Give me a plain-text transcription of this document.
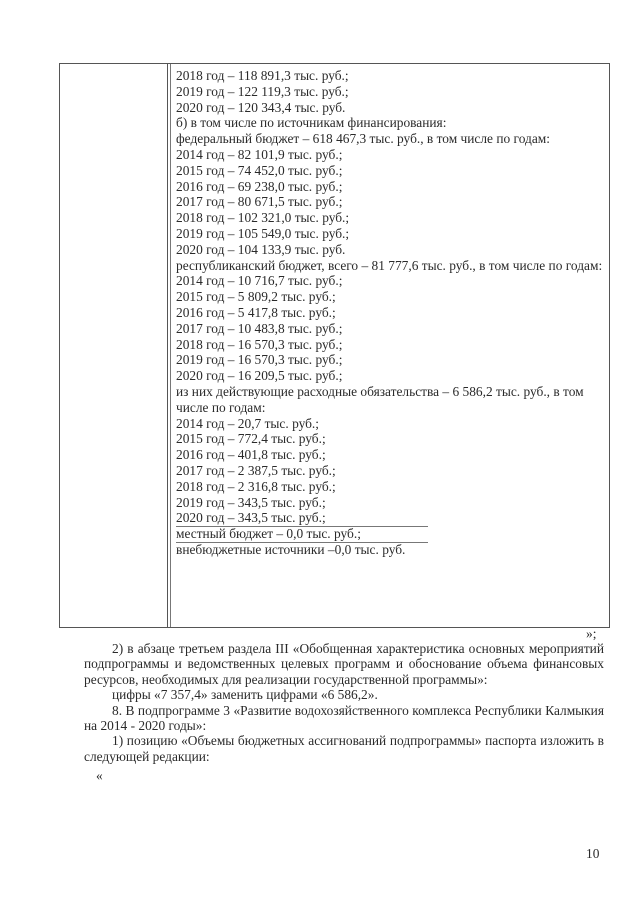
2018 год – 118 891,3 тыс. руб.;
2019 год – 122 119,3 тыс. руб.;
2020 год – 120 343,4 тыс. руб.
б) в том числе по источникам финансирования:
федеральный бюджет – 618 467,3 тыс. руб., в том числе по годам:
2014 год – 82 101,9 тыс. руб.;
2015 год – 74 452,0 тыс. руб.;
2016 год – 69 238,0 тыс. руб.;
2017 год – 80 671,5 тыс. руб.;
2018 год – 102 321,0 тыс. руб.;
2019 год – 105 549,0 тыс. руб.;
2020 год – 104 133,9 тыс. руб.
республиканский бюджет, всего – 81 777,6 тыс. руб., в том числе по годам:
2014 год – 10 716,7 тыс. руб.;
2015 год – 5 809,2 тыс. руб.;
2016 год – 5 417,8 тыс. руб.;
2017 год – 10 483,8 тыс. руб.;
2018 год – 16 570,3 тыс. руб.;
2019 год – 16 570,3 тыс. руб.;
2020 год – 16 209,5 тыс. руб.;
из них действующие расходные обязательства – 6 586,2 тыс. руб., в том числе по годам:
2014 год – 20,7 тыс. руб.;
2015 год – 772,4 тыс. руб.;
2016 год – 401,8 тыс. руб.;
2017 год – 2 387,5 тыс. руб.;
2018 год – 2 316,8 тыс. руб.;
2019 год – 343,5 тыс. руб.;
2020 год – 343,5 тыс. руб.;
местный бюджет – 0,0 тыс. руб.;
внебюджетные источники –0,0 тыс. руб.
»;

2) в абзаце третьем раздела III «Обобщенная характеристика основных мероприятий подпрограммы и ведомственных целевых программ и обоснование объема финансовых ресурсов, необходимых для реализации государственной программы»:

цифры «7 357,4» заменить цифрами «6 586,2».

8. В подпрограмме 3 «Развитие водохозяйственного комплекса Республики Калмыкия на 2014 - 2020 годы»:

1) позицию «Объемы бюджетных ассигнований подпрограммы» паспорта изложить в следующей редакции:

«

10
